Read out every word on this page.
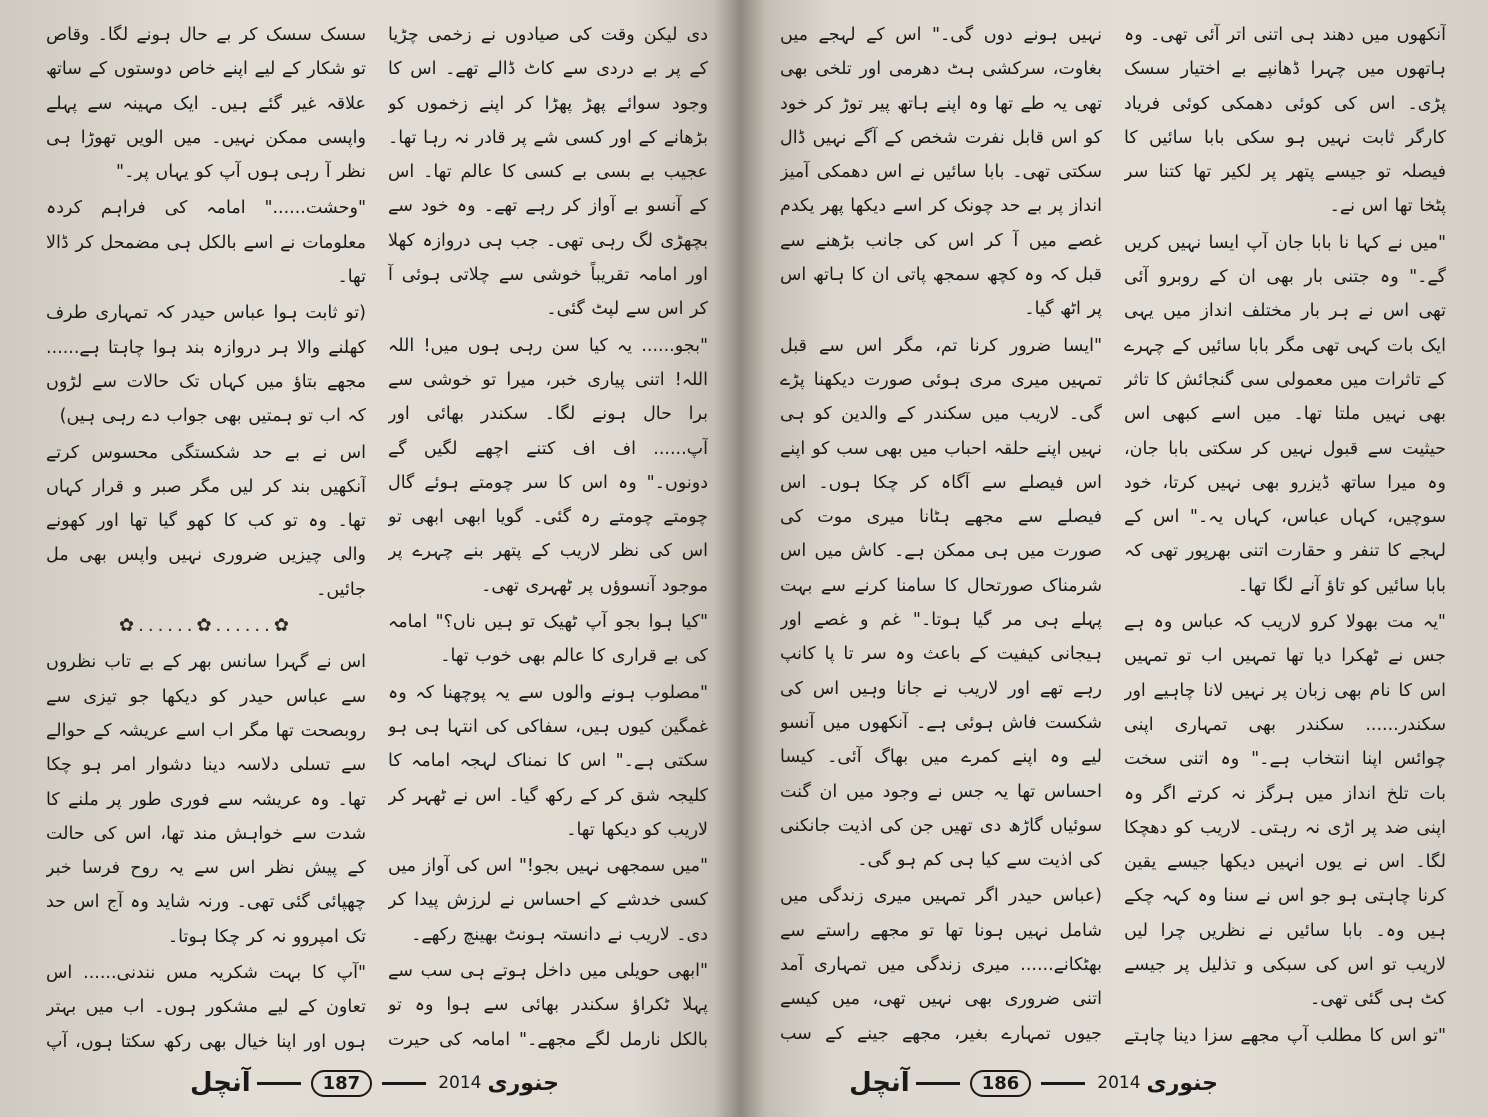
دی لیکن وقت کی صیادوں نے زخمی چڑیا کے پر بے دردی سے کاٹ ڈالے تھے۔ اس کا وجود سوائے پھڑ پھڑا کر اپنے زخموں کو بڑھانے کے اور کسی شے پر قادر نہ رہا تھا۔ عجیب بے بسی بے کسی کا عالم تھا۔ اس کے آنسو بے آواز کر رہے تھے۔ وہ خود سے بچھڑی لگ رہی تھی۔ جب ہی دروازہ کھلا اور امامہ تقریباً خوشی سے چلاتی ہوئی آ کر اس سے لپٹ گئی۔

"بجو...... یہ کیا سن رہی ہوں میں! اللہ اللہ! اتنی پیاری خبر، میرا تو خوشی سے برا حال ہونے لگا۔ سکندر بھائی اور آپ...... اف اف کتنے اچھے لگیں گے دونوں۔" وہ اس کا سر چومتے ہوئے گال چومتے چومتے رہ گئی۔ گویا ابھی ابھی تو اس کی نظر لاریب کے پتھر بنے چہرے پر موجود آنسوؤں پر ٹھہری تھی۔

"کیا ہوا بجو آپ ٹھیک تو ہیں ناں؟" امامہ کی بے قراری کا عالم بھی خوب تھا۔

"مصلوب ہونے والوں سے یہ پوچھنا کہ وہ غمگین کیوں ہیں، سفاکی کی انتہا ہی ہو سکتی ہے۔" اس کا نمناک لہجہ امامہ کا کلیجہ شق کر کے رکھ گیا۔ اس نے ٹھہر کر لاریب کو دیکھا تھا۔

"میں سمجھی نہیں بجو!" اس کی آواز میں کسی خدشے کے احساس نے لرزش پیدا کر دی۔ لاریب نے دانستہ ہونٹ بھینچ رکھے۔

"ابھی حویلی میں داخل ہوتے ہی سب سے پہلا ٹکراؤ سکندر بھائی سے ہوا وہ تو بالکل نارمل لگے مجھے۔" امامہ کی حیرت

سسک سسک کر بے حال ہونے لگا۔ وقاص تو شکار کے لیے اپنے خاص دوستوں کے ساتھ علاقہ غیر گئے ہیں۔ ایک مہینہ سے پہلے واپسی ممکن نہیں۔ میں الویں تھوڑا ہی نظر آ رہی ہوں آپ کو یہاں پر۔"

"وحشت......" امامہ کی فراہم کردہ معلومات نے اسے بالکل ہی مضمحل کر ڈالا تھا۔

(تو ثابت ہوا عباس حیدر کہ تمہاری طرف کھلنے والا ہر دروازہ بند ہوا چاہتا ہے...... مجھے بتاؤ میں کہاں تک حالات سے لڑوں کہ اب تو ہمتیں بھی جواب دے رہی ہیں)

اس نے بے حد شکستگی محسوس کرتے آنکھیں بند کر لیں مگر صبر و قرار کہاں تھا۔ وہ تو کب کا کھو گیا تھا اور کھونے والی چیزیں ضروری نہیں واپس بھی مل جائیں۔

✿......✿......✿

اس نے گہرا سانس بھر کے بے تاب نظروں سے عباس حیدر کو دیکھا جو تیزی سے روبصحت تھا مگر اب اسے عریشہ کے حوالے سے تسلی دلاسہ دینا دشوار امر ہو چکا تھا۔ وہ عریشہ سے فوری طور پر ملنے کا شدت سے خواہش مند تھا، اس کی حالت کے پیش نظر اس سے یہ روح فرسا خبر چھپائی گئی تھی۔ ورنہ شاید وہ آج اس حد تک امپروو نہ کر چکا ہوتا۔

"آپ کا بہت شکریہ مس نندنی...... اس تعاون کے لیے مشکور ہوں۔ اب میں بہتر ہوں اور اپنا خیال بھی رکھ سکتا ہوں، آپ

آنچل	187	2014 جنوری

آنکھوں میں دھند ہی اتنی اتر آئی تھی۔ وہ ہاتھوں میں چہرا ڈھانپے بے اختیار سسک پڑی۔ اس کی کوئی دھمکی کوئی فریاد کارگر ثابت نہیں ہو سکی بابا سائیں کا فیصلہ تو جیسے پتھر پر لکیر تھا کتنا سر پٹخا تھا اس نے۔

"میں نے کہا نا بابا جان آپ ایسا نہیں کریں گے۔" وہ جتنی بار بھی ان کے روبرو آئی تھی اس نے ہر بار مختلف انداز میں یہی ایک بات کہی تھی مگر بابا سائیں کے چہرے کے تاثرات میں معمولی سی گنجائش کا تاثر بھی نہیں ملتا تھا۔ میں اسے کبھی اس حیثیت سے قبول نہیں کر سکتی بابا جان، وہ میرا ساتھ ڈیزرو بھی نہیں کرتا، خود سوچیں، کہاں عباس، کہاں یہ۔" اس کے لہجے کا تنفر و حقارت اتنی بھرپور تھی کہ بابا سائیں کو تاؤ آنے لگا تھا۔

"یہ مت بھولا کرو لاریب کہ عباس وہ ہے جس نے ٹھکرا دیا تھا تمہیں اب تو تمہیں اس کا نام بھی زبان پر نہیں لانا چاہیے اور سکندر...... سکندر بھی تمہاری اپنی چوائس اپنا انتخاب ہے۔" وہ اتنی سخت بات تلخ انداز میں ہرگز نہ کرتے اگر وہ اپنی ضد پر اڑی نہ رہتی۔ لاریب کو دھچکا لگا۔ اس نے یوں انہیں دیکھا جیسے یقین کرنا چاہتی ہو جو اس نے سنا وہ کہہ چکے ہیں وہ۔ بابا سائیں نے نظریں چرا لیں لاریب تو اس کی سبکی و تذلیل پر جیسے کٹ ہی گئی تھی۔

"تو اس کا مطلب آپ مجھے سزا دینا چاہتے

نہیں ہونے دوں گی۔" اس کے لہجے میں بغاوت، سرکشی ہٹ دھرمی اور تلخی بھی تھی یہ طے تھا وہ اپنے ہاتھ پیر توڑ کر خود کو اس قابل نفرت شخص کے آگے نہیں ڈال سکتی تھی۔ بابا سائیں نے اس دھمکی آمیز انداز پر بے حد چونک کر اسے دیکھا پھر یکدم غصے میں آ کر اس کی جانب بڑھنے سے قبل کہ وہ کچھ سمجھ پاتی ان کا ہاتھ اس پر اٹھ گیا۔

"ایسا ضرور کرنا تم، مگر اس سے قبل تمہیں میری مری ہوئی صورت دیکھنا پڑے گی۔ لاریب میں سکندر کے والدین کو ہی نہیں اپنے حلقہ احباب میں بھی سب کو اپنے اس فیصلے سے آگاہ کر چکا ہوں۔ اس فیصلے سے مجھے ہٹانا میری موت کی صورت میں ہی ممکن ہے۔ کاش میں اس شرمناک صورتحال کا سامنا کرنے سے بہت پہلے ہی مر گیا ہوتا۔" غم و غصے اور ہیجانی کیفیت کے باعث وہ سر تا پا کانپ رہے تھے اور لاریب نے جانا وہیں اس کی شکست فاش ہوئی ہے۔ آنکھوں میں آنسو لیے وہ اپنے کمرے میں بھاگ آئی۔ کیسا احساس تھا یہ جس نے وجود میں ان گنت سوئیاں گاڑھ دی تھیں جن کی اذیت جانکنی کی اذیت سے کیا ہی کم ہو گی۔

(عباس حیدر اگر تمہیں میری زندگی میں شامل نہیں ہونا تھا تو مجھے راستے سے بھٹکانے...... میری زندگی میں تمہاری آمد اتنی ضروری بھی نہیں تھی، میں کیسے جیوں تمہارے بغیر، مجھے جینے کے سب

آنچل	186	2014 جنوری
